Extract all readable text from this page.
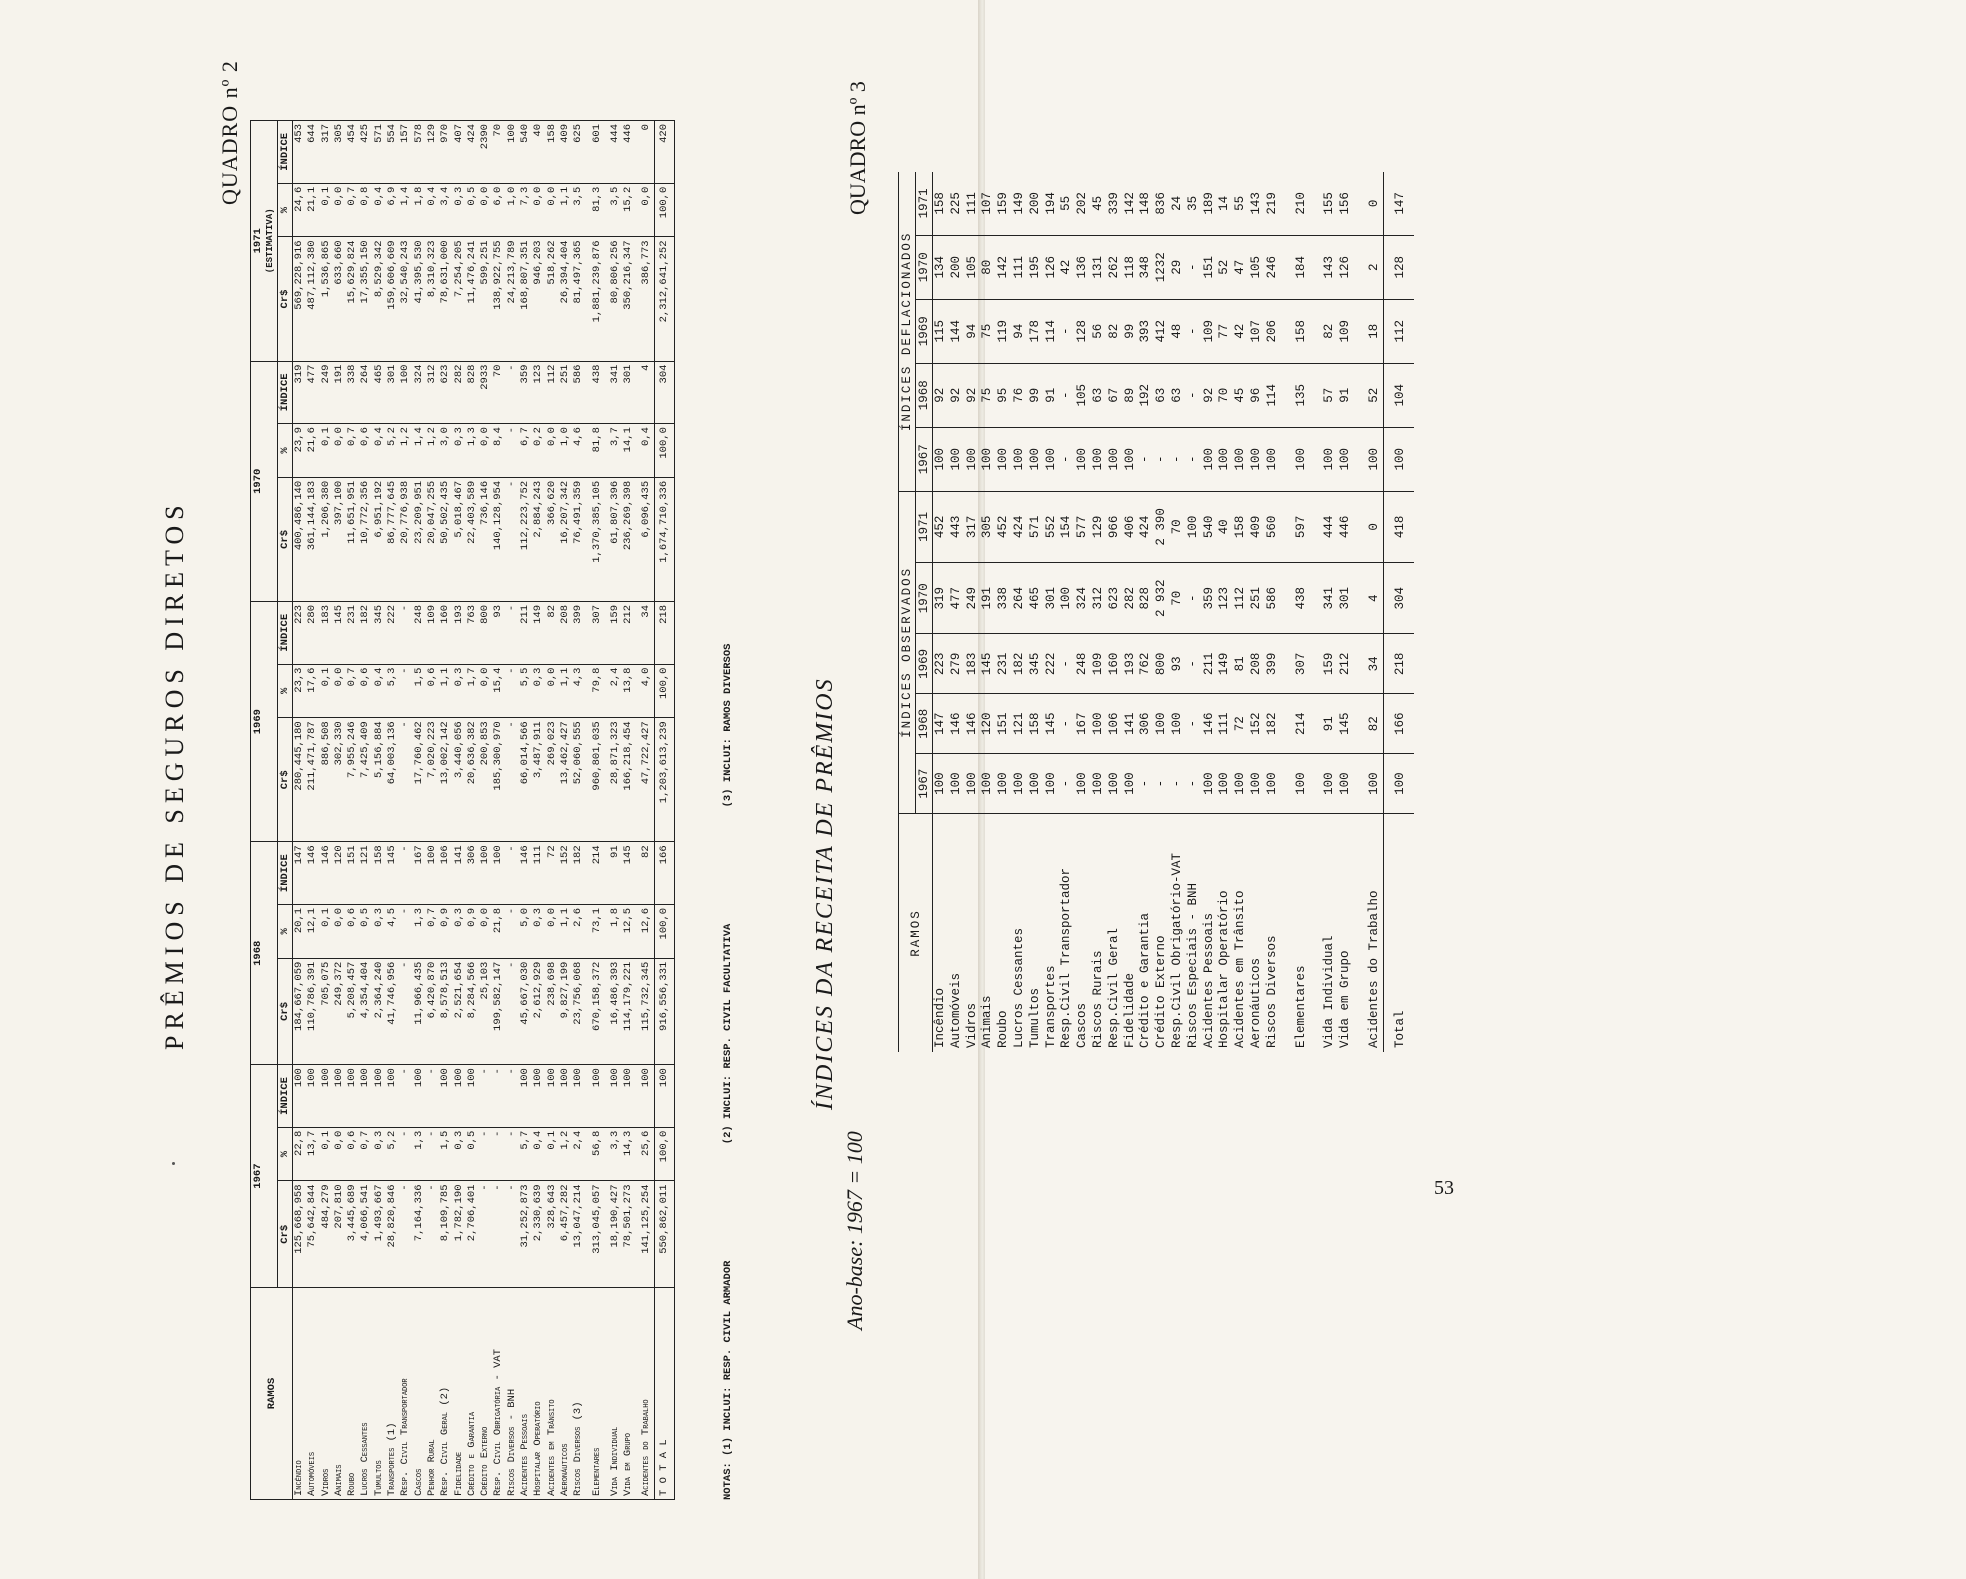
QUADRO nº 2
PRÊMIOS DE SEGUROS DIRETOS
RAMOS	1967			1968			1969			1970			1971
(ESTIMATIVA)		
	Cr$	%	ÍNDICE	Cr$	%	ÍNDICE	Cr$	%	ÍNDICE	Cr$	%	ÍNDICE	Cr$	%	ÍNDICE
Incêndio	125,668,958	22,8	100	184,667,059	20,1	147	280,445,180	23,3	223	400,486,140	23,9	319	569,228,916	24,6	453
Automóveis	75,642,844	13,7	100	110,786,391	12,1	146	211,471,787	17,6	280	361,144,183	21,6	477	487,112,380	21,1	644
Vidros	484,279	0,1	100	705,075	0,1	146	886,508	0,1	183	1,206,380	0,1	249	1,536,865	0,1	317
Animais	207,810	0,0	100	249,372	0,0	120	302,330	0,0	145	397,100	0,0	191	633,660	0,0	305
Roubo	3,445,689	0,6	100	5,208,457	0,6	151	7,955,246	0,7	231	11,651,951	0,7	338	15,629,824	0,7	454
Lucros Cessantes	4,066,541	0,7	100	4,354,404	0,5	121	7,425,409	0,6	182	10,772,356	0,6	264	17,355,150	0,8	425
Tumultos	1,493,667	0,3	100	2,364,240	0,3	158	5,156,884	0,4	345	6,951,192	0,4	465	8,529,342	0,4	571
Transportes (1)	28,820,846	5,2	100	41,746,956	4,5	145	64,003,136	5,3	222	86,777,645	5,2	301	159,606,609	6,9	554
Resp. Civil Transportador	-	-	-	-	-	-	-	-	-	20,776,938	1,2	100	32,540,243	1,4	157
Cascos	7,164,336	1,3	100	11,966,435	1,3	167	17,760,462	1,5	248	23,209,951	1,4	324	41,395,530	1,8	578
Penhor Rural	-	-	-	6,420,870	0,7	100	7,020,223	0,6	109	20,047,255	1,2	312	8,310,323	0,4	129
Resp. Civil Geral (2)	8,109,785	1,5	100	8,578,513	0,9	106	13,002,142	1,1	160	50,502,435	3,0	623	78,631,000	3,4	970
Fidelidade	1,782,190	0,3	100	2,521,654	0,3	141	3,440,056	0,3	193	5,018,467	0,3	282	7,254,205	0,3	407
Crédito e Garantia	2,706,401	0,5	100	8,284,566	0,9	306	20,636,382	1,7	763	22,403,589	1,3	828	11,476,241	0,5	424
Crédito Externo	-	-	-	25,103	0,0	100	200,853	0,0	800	736,146	0,0	2933	599,251	0,0	2390
Resp. Civil Obrigatória - VAT	-	-	-	199,582,147	21,8	100	185,300,970	15,4	93	140,128,954	8,4	70	138,922,755	6,0	70
Riscos Diversos - BNH	-	-	-	-	-	-	-	-	-	-	-	-	24,213,789	1,0	100
Acidentes Pessoais	31,252,873	5,7	100	45,667,030	5,0	146	66,014,566	5,5	211	112,223,752	6,7	359	168,807,351	7,3	540
Hospitalar Operatório	2,330,639	0,4	100	2,612,929	0,3	111	3,487,911	0,3	149	2,884,243	0,2	123	946,203	0,0	40
Acidentes em Trânsito	328,643	0,1	100	238,698	0,0	72	269,023	0,0	82	366,620	0,0	112	518,262	0,0	158
Aeronáuticos	6,457,282	1,2	100	9,827,199	1,1	152	13,462,427	1,1	208	16,207,342	1,0	251	26,394,404	1,1	409
Riscos Diversos (3)	13,047,214	2,4	100	23,756,068	2,6	182	52,060,555	4,3	399	76,491,359	4,6	586	81,497,365	3,5	625
Elementares	313,045,057	56,8	100	670,158,372	73,1	214	960,801,035	79,8	307	1,370,385,105	81,8	438	1,881,239,876	81,3	601
Vida Individual	18,190,427	3,3	100	16,486,393	1,8	91	28,871,323	2,4	159	61,807,396	3,7	341	80,806,256	3,5	444
Vida em Grupo	78,501,273	14,3	100	114,179,221	12,5	145	166,218,454	13,8	212	236,269,398	14,1	301	350,216,347	15,2	446
Acidentes do Trabalho	141,125,254	25,6	100	115,732,345	12,6	82	47,722,427	4,0	34	6,096,435	0,4	4	386,773	0,0	0
T O T A L	550,862,011	100,0	100	916,556,331	100,0	166	1,203,613,239	100,0	218	1,674,710,336	100,0	304	2,312,641,252	100,0	420
NOTAS: (1) INCLUI: RESP. CIVIL ARMADOR (2) INCLUI: RESP. CIVIL FACULTATIVA (3) INCLUI: RAMOS DIVERSOS
QUADRO nº 3
ÍNDICES DA RECEITA DE PRÊMIOS
Ano-base: 1967 = 100
RAMOS	ÍNDICES OBSERVADOS					ÍNDICES DEFLACIONADOS				
	1967	1968	1969	1970	1971	1967	1968	1969	1970	1971
Incêndio	100	147	223	319	452	100	92	115	134	158
Automóveis	100	146	279	477	443	100	92	144	200	225
Vidros	100	146	183	249	317	100	92	94	105	111
Animais	100	120	145	191	305	100	75	75	80	107
Roubo	100	151	231	338	452	100	95	119	142	159
Lucros Cessantes	100	121	182	264	424	100	76	94	111	149
Tumultos	100	158	345	465	571	100	99	178	195	200
Transportes	100	145	222	301	552	100	91	114	126	194
Resp.Civil Transportador	-	-	-	100	154	-	-	-	42	55
Cascos	100	167	248	324	577	100	105	128	136	202
Riscos Rurais	100	100	109	312	129	100	63	56	131	45
Resp.Civil Geral	100	106	160	623	966	100	67	82	262	339
Fidelidade	100	141	193	282	406	100	89	99	118	142
Crédito e Garantia	-	306	762	828	424	-	192	393	348	148
Crédito Externo	-	100	800	2 932	2 390	-	63	412	1232	836
Resp.Civil Obrigatório-VAT	-	100	93	70	70	-	63	48	29	24
Riscos Especiais - BNH	-	-	-	-	100	-	-	-	-	35
Acidentes Pessoais	100	146	211	359	540	100	92	109	151	189
Hospitalar Operatório	100	111	149	123	40	100	70	77	52	14
Acidentes em Trânsito	100	72	81	112	158	100	45	42	47	55
Aeronáuticos	100	152	208	251	409	100	96	107	105	143
Riscos Diversos	100	182	399	586	560	100	114	206	246	219
Elementares	100	214	307	438	597	100	135	158	184	210
Vida Individual	100	91	159	341	444	100	57	82	143	155
Vida em Grupo	100	145	212	301	446	100	91	109	126	156
Acidentes do Trabalho	100	82	34	4	0	100	52	18	2	0
Total	100	166	218	304	418	100	104	112	128	147
53
